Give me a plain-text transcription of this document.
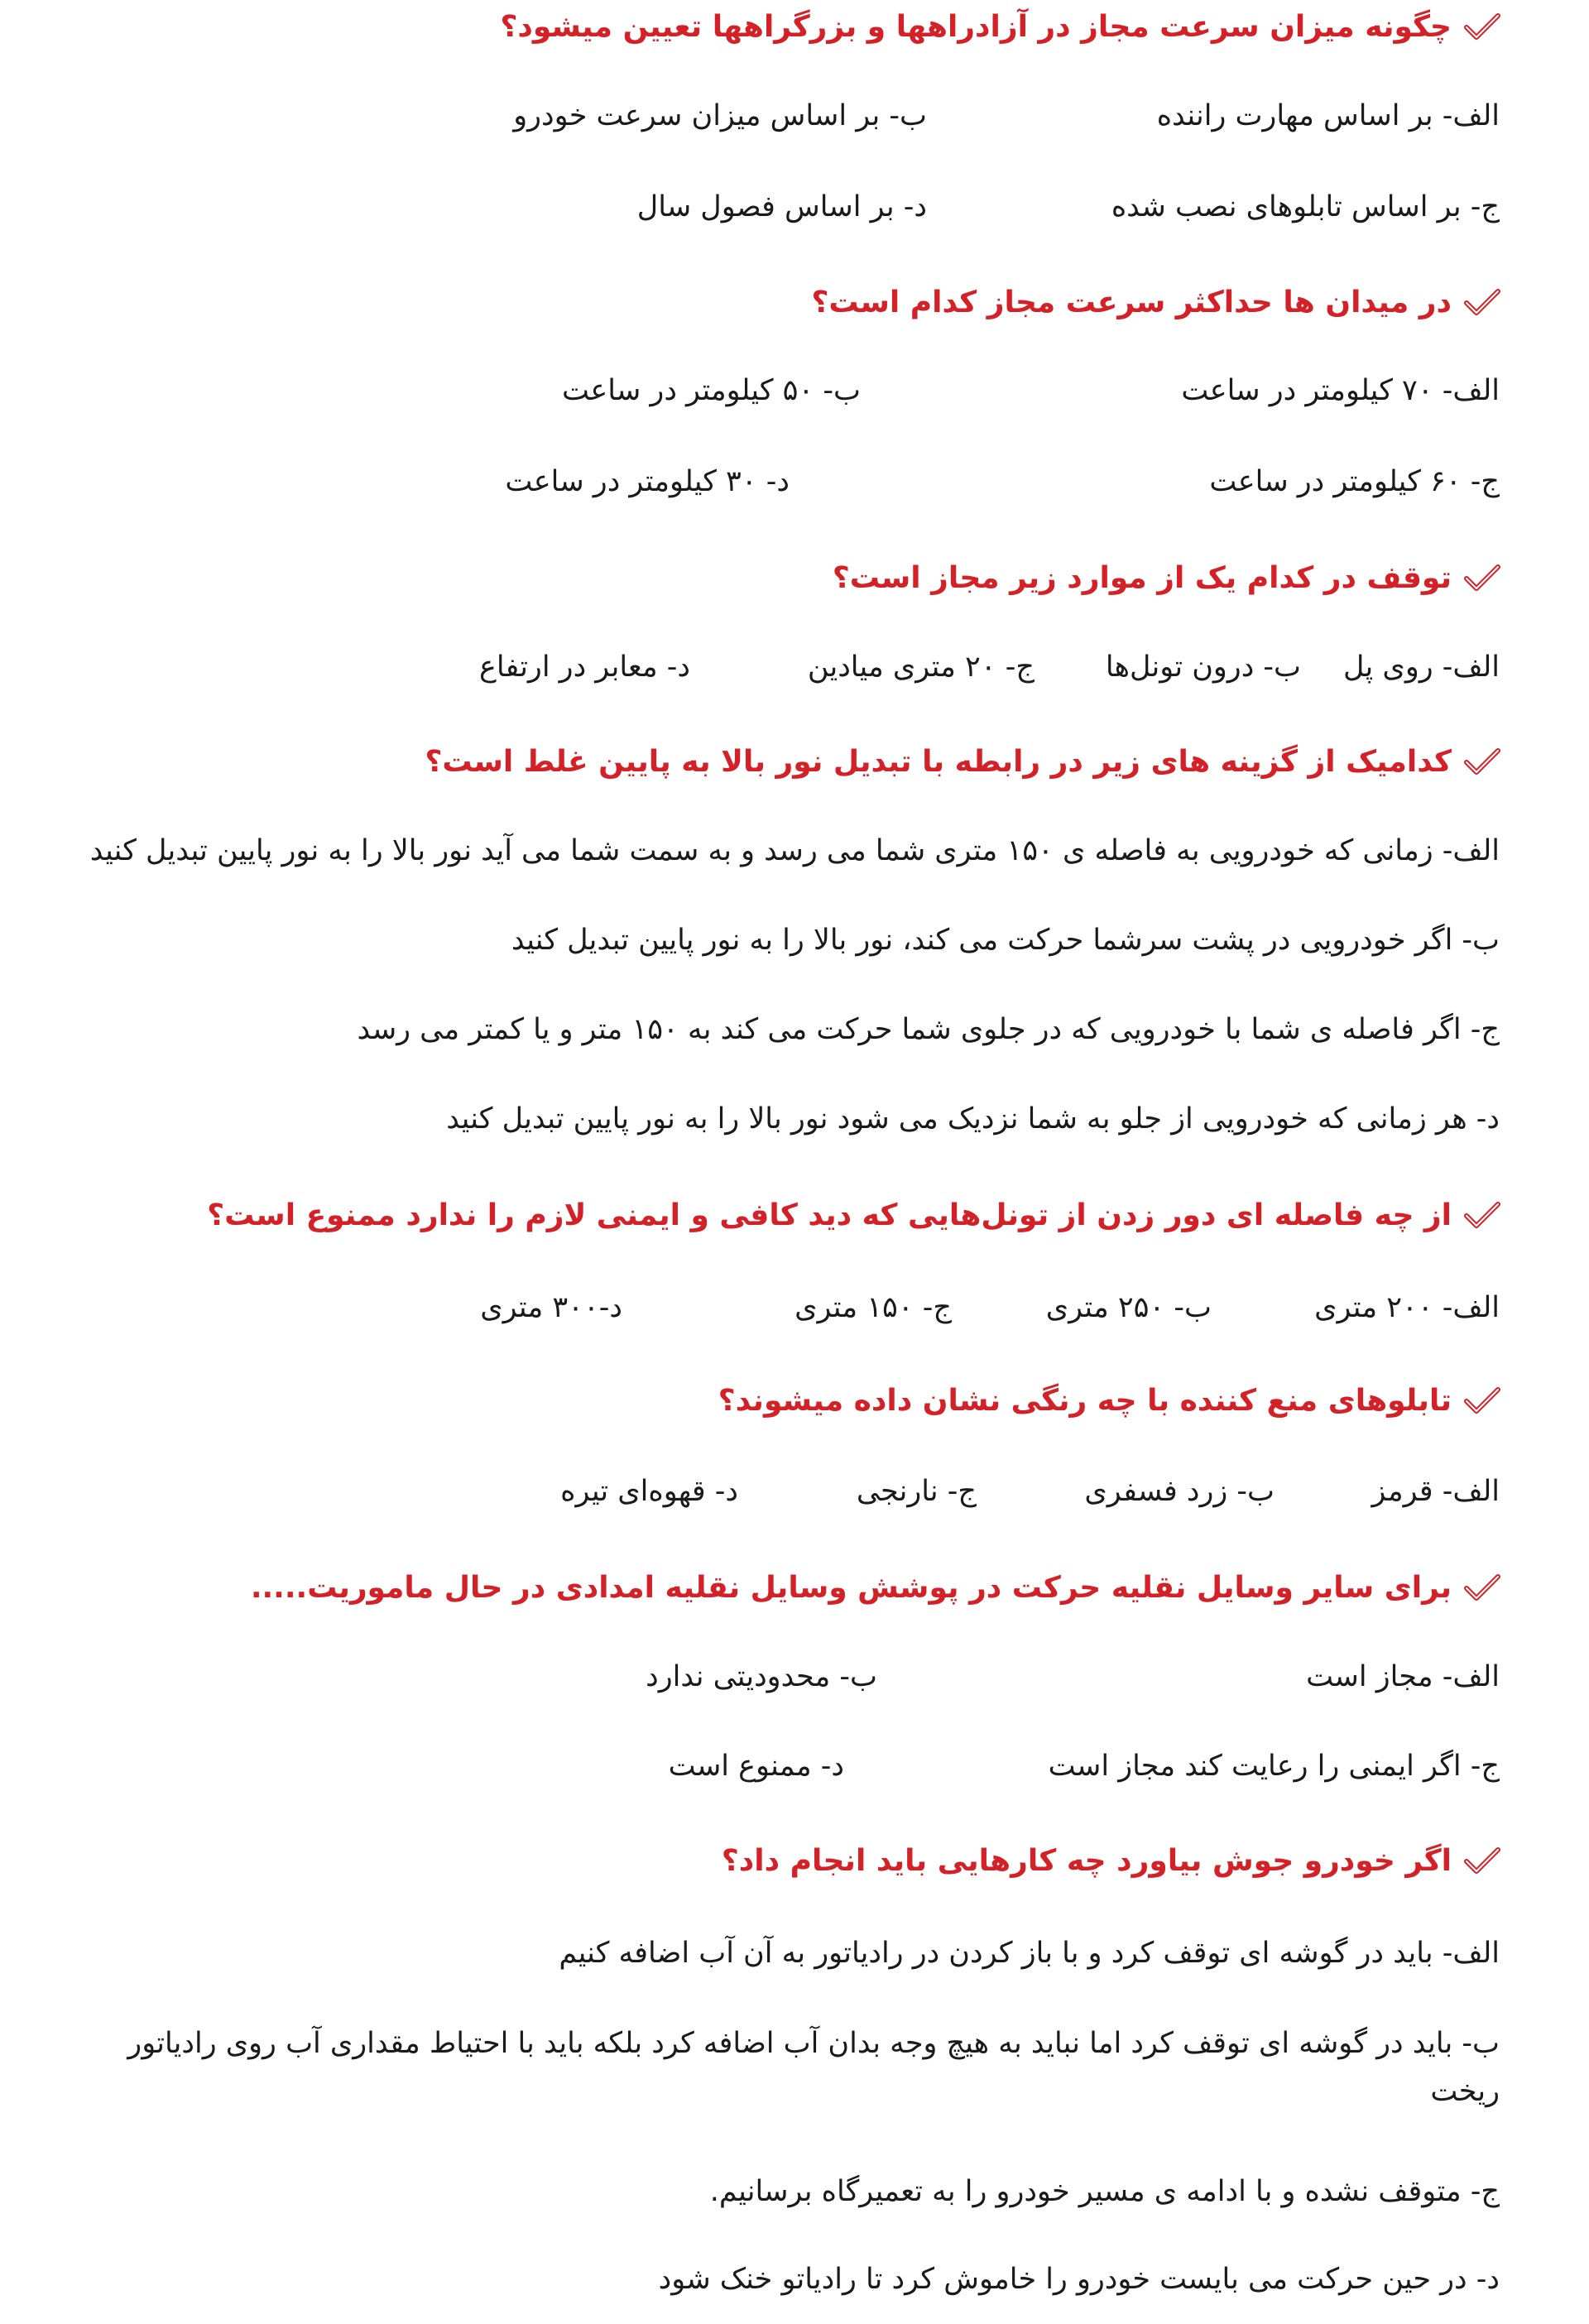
چگونه میزان سرعت مجاز در آزادراهها و بزرگراهها تعیین میشود؟
الف- بر اساس مهارت راننده
ب- بر اساس میزان سرعت خودرو
ج- بر اساس تابلوهای نصب شده
د- بر اساس فصول سال
در میدان ها حداکثر سرعت مجاز کدام است؟
الف- ۷۰ کیلومتر در ساعت
ب- ۵۰ کیلومتر در ساعت
ج- ۶۰ کیلومتر در ساعت
د- ۳۰ کیلومتر در ساعت
توقف در کدام یک از موارد زیر مجاز است؟
الف- روی پل
ب- درون تونل‌ها
ج- ۲۰ متری میادین
د- معابر در ارتفاع
کدامیک از گزینه های زیر در رابطه با تبدیل نور بالا به پایین غلط است؟
الف- زمانی که خودرویی به فاصله ی ۱۵۰ متری شما می رسد و به سمت شما می آید نور بالا را به نور پایین تبدیل کنید
ب- اگر خودرویی در پشت سرشما حرکت می کند، نور بالا را به نور پایین تبدیل کنید
ج- اگر فاصله ی شما با خودرویی که در جلوی شما حرکت می کند به ۱۵۰ متر و یا کمتر می رسد
د- هر زمانی که خودرویی از جلو به شما نزدیک می شود نور بالا را به نور پایین تبدیل کنید
از چه فاصله ای دور زدن از تونل‌هایی که دید کافی و ایمنی لازم را ندارد ممنوع است؟
الف- ۲۰۰ متری
ب- ۲۵۰ متری
ج- ۱۵۰ متری
د-۳۰۰ متری
تابلوهای منع کننده با چه رنگی نشان داده میشوند؟
الف- قرمز
ب- زرد فسفری
ج- نارنجی
د- قهوه‌ای تیره
برای سایر وسایل نقلیه حرکت در پوشش وسایل نقلیه امدادی در حال ماموریت.....
الف- مجاز است
ب- محدودیتی ندارد
ج- اگر ایمنی را رعایت کند مجاز است
د- ممنوع است
اگر خودرو جوش بیاورد چه کارهایی باید انجام داد؟
الف- باید در گوشه ای توقف کرد و با باز کردن در رادیاتور به آن آب اضافه کنیم
ب- باید در گوشه ای توقف کرد اما نباید به هیچ وجه بدان آب اضافه کرد بلکه باید با احتیاط مقداری آب روی رادیاتور ریخت
ج- متوقف نشده و با ادامه ی مسیر خودرو را به تعمیرگاه برسانیم.
د- در حین حرکت می بایست خودرو را خاموش کرد تا رادیاتو خنک شود
